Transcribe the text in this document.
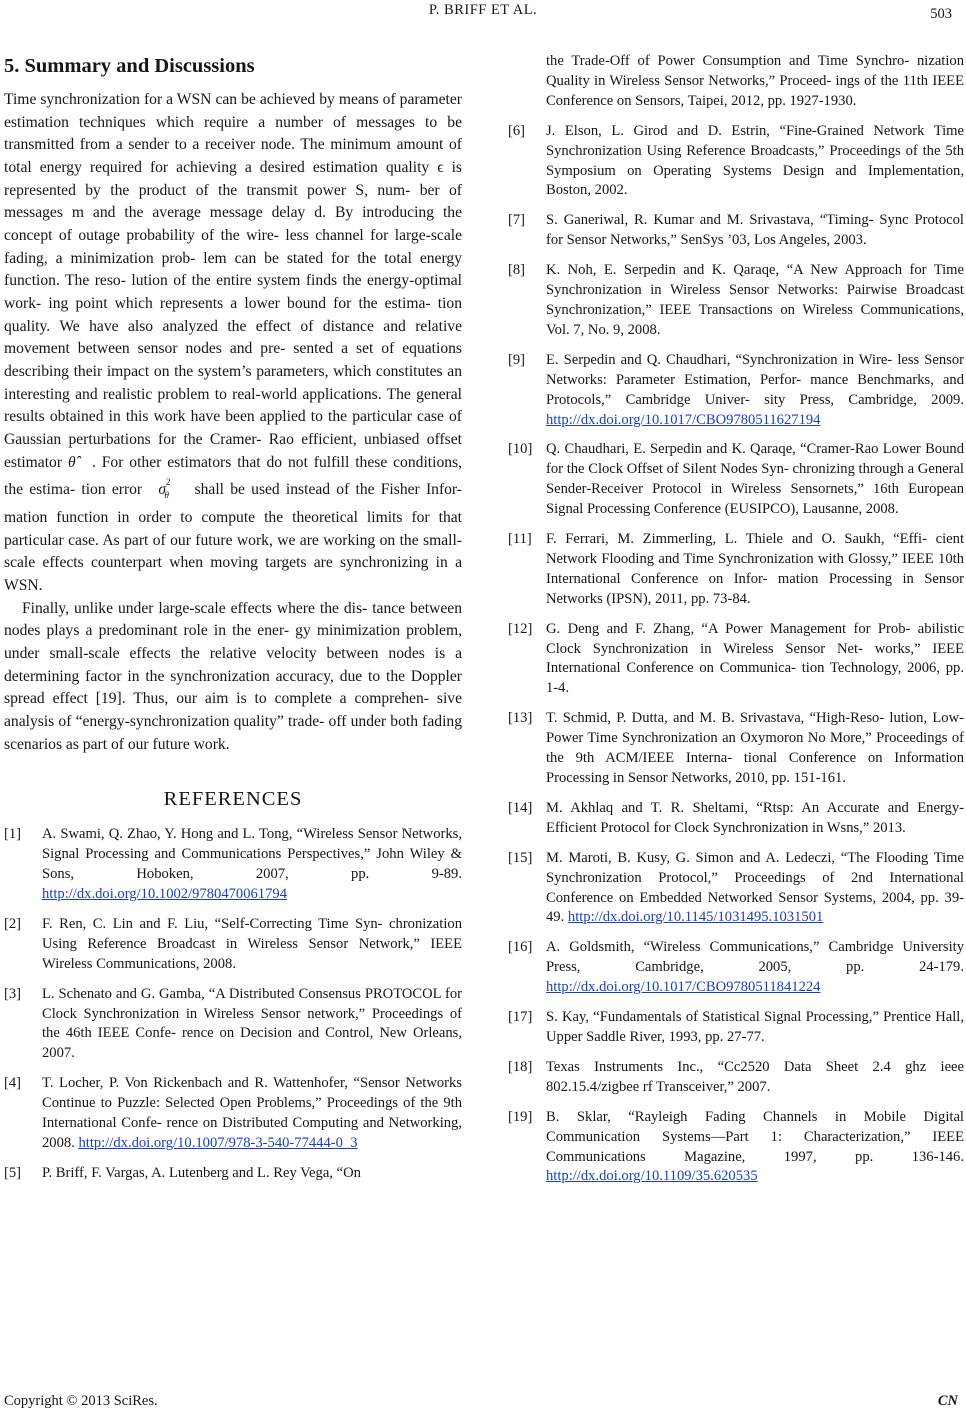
P. BRIFF ET AL.	503
5. Summary and Discussions

Time synchronization for a WSN can be achieved by means of parameter estimation techniques which require a number of messages to be transmitted from a sender to a receiver node. The minimum amount of total energy required for achieving a desired estimation quality ϵ is represented by the product of the transmit power S, num- ber of messages m and the average message delay d. By introducing the concept of outage probability of the wire- less channel for large-scale fading, a minimization prob- lem can be stated for the total energy function. The reso- lution of the entire system finds the energy-optimal work- ing point which represents a lower bound for the estima- tion quality. We have also analyzed the effect of distance and relative movement between sensor nodes and pre- sented a set of equations describing their impact on the system’s parameters, which constitutes an interesting and realistic problem to real-world applications. The general results obtained in this work have been applied to the particular case of Gaussian perturbations for the Cramer- Rao efficient, unbiased offset estimator θ̂ . For other estimators that do not fulfill these conditions, the estima- tion error $\sigma^2_\theta$ shall be used instead of the Fisher Infor- mation function in order to compute the theoretical limits for that particular case. As part of our future work, we are working on the small-scale effects counterpart when moving targets are synchronizing in a WSN.

Finally, unlike under large-scale effects where the dis- tance between nodes plays a predominant role in the ener- gy minimization problem, under small-scale effects the relative velocity between nodes is a determining factor in the synchronization accuracy, due to the Doppler spread effect [19]. Thus, our aim is to complete a comprehen- sive analysis of “energy-synchronization quality” trade- off under both fading scenarios as part of our future work.

REFERENCES
[1] A. Swami, Q. Zhao, Y. Hong and L. Tong, “Wireless Sensor Networks, Signal Processing and Communications Perspectives,” John Wiley & Sons, Hoboken, 2007, pp. 9-89. http://dx.doi.org/10.1002/9780470061794
[2] F. Ren, C. Lin and F. Liu, “Self-Correcting Time Syn- chronization Using Reference Broadcast in Wireless Sensor Network,” IEEE Wireless Communications, 2008.
[3] L. Schenato and G. Gamba, “A Distributed Consensus PROTOCOL for Clock Synchronization in Wireless Sensor network,” Proceedings of the 46th IEEE Confe- rence on Decision and Control, New Orleans, 2007.
[4] T. Locher, P. Von Rickenbach and R. Wattenhofer, “Sensor Networks Continue to Puzzle: Selected Open Problems,” Proceedings of the 9th International Confe- rence on Distributed Computing and Networking, 2008. http://dx.doi.org/10.1007/978-3-540-77444-0_3
[5] P. Briff, F. Vargas, A. Lutenberg and L. Rey Vega, “On
the Trade-Off of Power Consumption and Time Synchro- nization Quality in Wireless Sensor Networks,” Proceed- ings of the 11th IEEE Conference on Sensors, Taipei, 2012, pp. 1927-1930.
[6] J. Elson, L. Girod and D. Estrin, “Fine-Grained Network Time Synchronization Using Reference Broadcasts,” Proceedings of the 5th Symposium on Operating Systems Design and Implementation, Boston, 2002.
[7] S. Ganeriwal, R. Kumar and M. Srivastava, “Timing- Sync Protocol for Sensor Networks,” SenSys ’03, Los Angeles, 2003.
[8] K. Noh, E. Serpedin and K. Qaraqe, “A New Approach for Time Synchronization in Wireless Sensor Networks: Pairwise Broadcast Synchronization,” IEEE Transactions on Wireless Communications, Vol. 7, No. 9, 2008.
[9] E. Serpedin and Q. Chaudhari, “Synchronization in Wire- less Sensor Networks: Parameter Estimation, Perfor- mance Benchmarks, and Protocols,” Cambridge Univer- sity Press, Cambridge, 2009. http://dx.doi.org/10.1017/CBO9780511627194
[10] Q. Chaudhari, E. Serpedin and K. Qaraqe, “Cramer-Rao Lower Bound for the Clock Offset of Silent Nodes Syn- chronizing through a General Sender-Receiver Protocol in Wireless Sensornets,” 16th European Signal Processing Conference (EUSIPCO), Lausanne, 2008.
[11] F. Ferrari, M. Zimmerling, L. Thiele and O. Saukh, “Effi- cient Network Flooding and Time Synchronization with Glossy,” IEEE 10th International Conference on Infor- mation Processing in Sensor Networks (IPSN), 2011, pp. 73-84.
[12] G. Deng and F. Zhang, “A Power Management for Prob- abilistic Clock Synchronization in Wireless Sensor Net- works,” IEEE International Conference on Communica- tion Technology, 2006, pp. 1-4.
[13] T. Schmid, P. Dutta, and M. B. Srivastava, “High-Reso- lution, Low-Power Time Synchronization an Oxymoron No More,” Proceedings of the 9th ACM/IEEE Interna- tional Conference on Information Processing in Sensor Networks, 2010, pp. 151-161.
[14] M. Akhlaq and T. R. Sheltami, “Rtsp: An Accurate and Energy-Efficient Protocol for Clock Synchronization in Wsns,” 2013.
[15] M. Maroti, B. Kusy, G. Simon and A. Ledeczi, “The Flooding Time Synchronization Protocol,” Proceedings of 2nd International Conference on Embedded Networked Sensor Systems, 2004, pp. 39-49. http://dx.doi.org/10.1145/1031495.1031501
[16] A. Goldsmith, “Wireless Communications,” Cambridge University Press, Cambridge, 2005, pp. 24-179. http://dx.doi.org/10.1017/CBO9780511841224
[17] S. Kay, “Fundamentals of Statistical Signal Processing,” Prentice Hall, Upper Saddle River, 1993, pp. 27-77.
[18] Texas Instruments Inc., “Cc2520 Data Sheet 2.4 ghz ieee 802.15.4/zigbee rf Transceiver,” 2007.
[19] B. Sklar, “Rayleigh Fading Channels in Mobile Digital Communication Systems—Part 1: Characterization,” IEEE Communications Magazine, 1997, pp. 136-146. http://dx.doi.org/10.1109/35.620535
Copyright © 2013 SciRes.	CN
